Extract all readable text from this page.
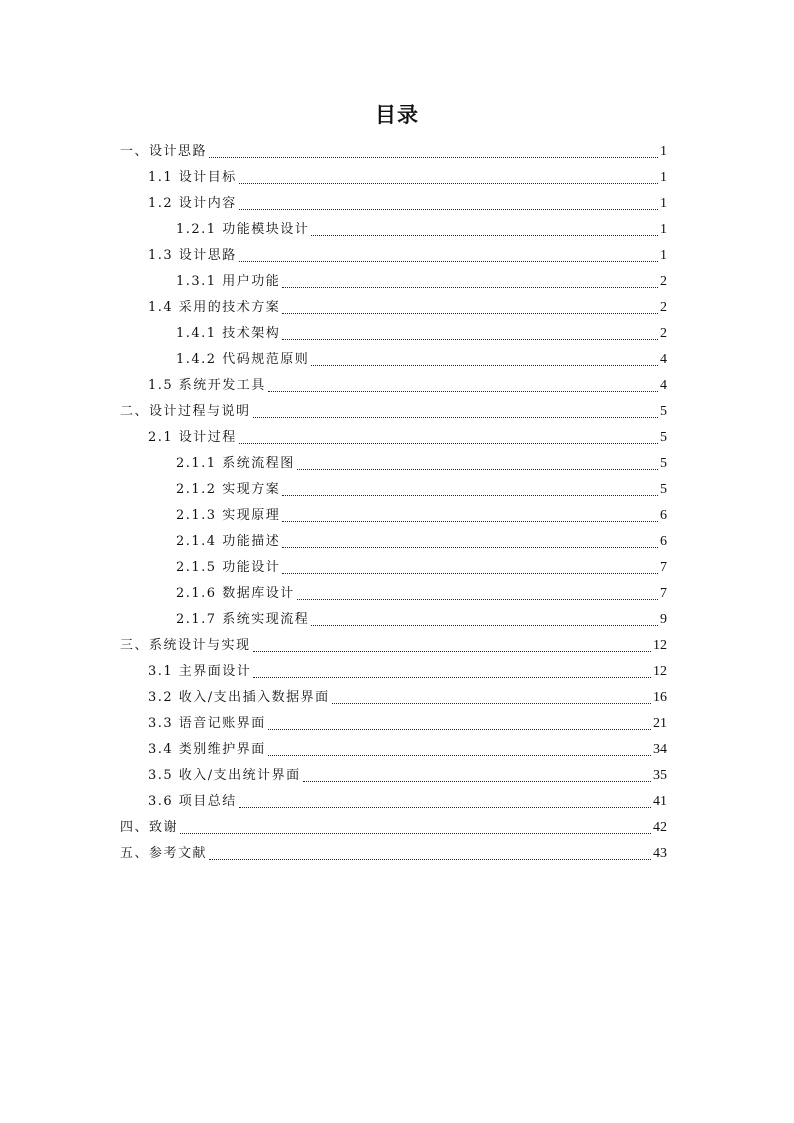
目录
一、设计思路	1
1.1 设计目标	1
1.2 设计内容	1
1.2.1 功能模块设计	1
1.3 设计思路	1
1.3.1 用户功能	2
1.4 采用的技术方案	2
1.4.1 技术架构	2
1.4.2 代码规范原则	4
1.5 系统开发工具	4
二、设计过程与说明	5
2.1 设计过程	5
2.1.1 系统流程图	5
2.1.2 实现方案	5
2.1.3 实现原理	6
2.1.4 功能描述	6
2.1.5 功能设计	7
2.1.6 数据库设计	7
2.1.7 系统实现流程	9
三、系统设计与实现	12
3.1 主界面设计	12
3.2 收入/支出插入数据界面	16
3.3 语音记账界面	21
3.4 类别维护界面	34
3.5 收入/支出统计界面	35
3.6 项目总结	41
四、致谢	42
五、参考文献	43
